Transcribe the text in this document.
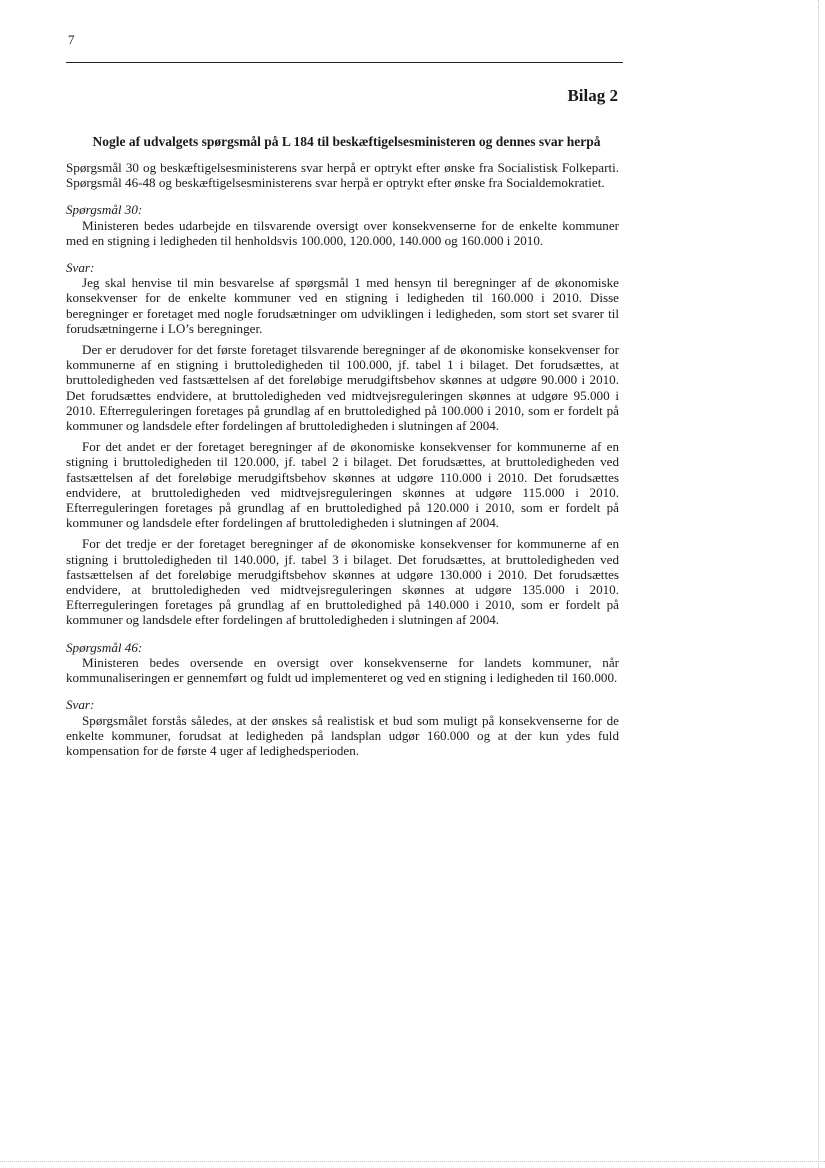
7
Bilag 2
Nogle af udvalgets spørgsmål på L 184 til beskæftigelsesministeren og dennes svar herpå

Spørgsmål 30 og beskæftigelsesministerens svar herpå er optrykt efter ønske fra Socialistisk Folkeparti. Spørgsmål 46-48 og beskæftigelsesministerens svar herpå er optrykt efter ønske fra Socialdemokratiet.

Spørgsmål 30:

Ministeren bedes udarbejde en tilsvarende oversigt over konsekvenserne for de enkelte kommuner med en stigning i ledigheden til henholdsvis 100.000, 120.000, 140.000 og 160.000 i 2010.

Svar:

Jeg skal henvise til min besvarelse af spørgsmål 1 med hensyn til beregninger af de økonomiske konsekvenser for de enkelte kommuner ved en stigning i ledigheden til 160.000 i 2010. Disse beregninger er foretaget med nogle forudsætninger om udviklingen i ledigheden, som stort set svarer til forudsætningerne i LO’s beregninger.

Der er derudover for det første foretaget tilsvarende beregninger af de økonomiske konsekvenser for kommunerne af en stigning i bruttoledigheden til 100.000, jf. tabel 1 i bilaget. Det forudsættes, at bruttoledigheden ved fastsættelsen af det foreløbige merudgiftsbehov skønnes at udgøre 90.000 i 2010. Det forudsættes endvidere, at bruttoledigheden ved midtvejsreguleringen skønnes at udgøre 95.000 i 2010. Efterreguleringen foretages på grundlag af en bruttoledighed på 100.000 i 2010, som er fordelt på kommuner og landsdele efter fordelingen af bruttoledigheden i slutningen af 2004.

For det andet er der foretaget beregninger af de økonomiske konsekvenser for kommunerne af en stigning i bruttoledigheden til 120.000, jf. tabel 2 i bilaget. Det forudsættes, at bruttoledigheden ved fastsættelsen af det foreløbige merudgiftsbehov skønnes at udgøre 110.000 i 2010. Det forudsættes endvidere, at bruttoledigheden ved midtvejsreguleringen skønnes at udgøre 115.000 i 2010. Efterreguleringen foretages på grundlag af en bruttoledighed på 120.000 i 2010, som er fordelt på kommuner og landsdele efter fordelingen af bruttoledigheden i slutningen af 2004.

For det tredje er der foretaget beregninger af de økonomiske konsekvenser for kommunerne af en stigning i bruttoledigheden til 140.000, jf. tabel 3 i bilaget. Det forudsættes, at bruttoledigheden ved fastsættelsen af det foreløbige merudgiftsbehov skønnes at udgøre 130.000 i 2010. Det forudsættes endvidere, at bruttoledigheden ved midtvejsreguleringen skønnes at udgøre 135.000 i 2010. Efterreguleringen foretages på grundlag af en bruttoledighed på 140.000 i 2010, som er fordelt på kommuner og landsdele efter fordelingen af bruttoledigheden i slutningen af 2004.

Spørgsmål 46:

Ministeren bedes oversende en oversigt over konsekvenserne for landets kommuner, når kommunaliseringen er gennemført og fuldt ud implementeret og ved en stigning i ledigheden til 160.000.

Svar:

Spørgsmålet forstås således, at der ønskes så realistisk et bud som muligt på konsekvenserne for de enkelte kommuner, forudsat at ledigheden på landsplan udgør 160.000 og at der kun ydes fuld kompensation for de første 4 uger af ledighedsperioden.
